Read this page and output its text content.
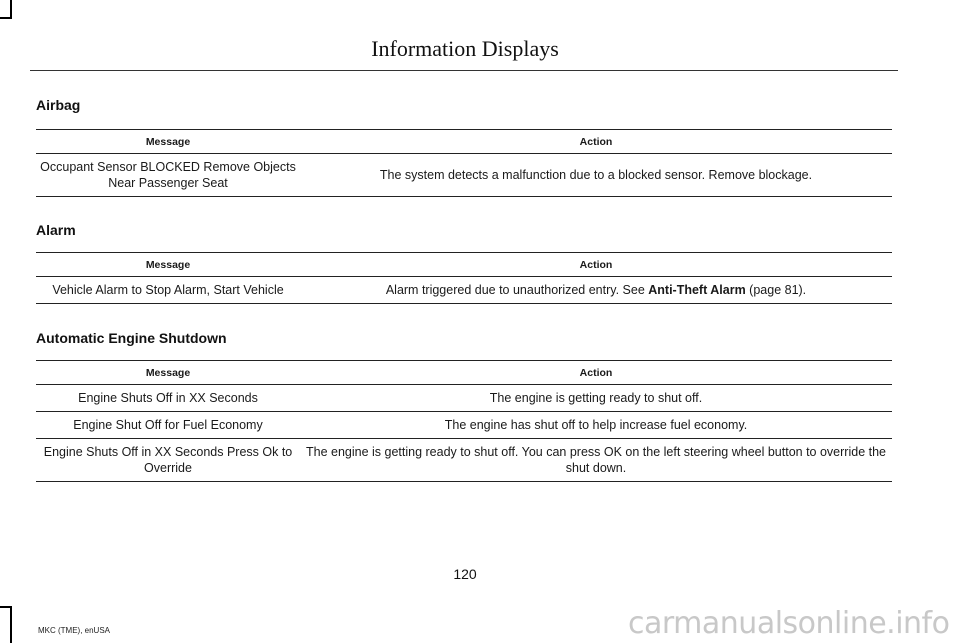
Information Displays
Airbag
Message	Action
Occupant Sensor BLOCKED Remove Objects Near Passenger Seat	The system detects a malfunction due to a blocked sensor. Remove blockage.
Alarm
Message	Action
Vehicle Alarm to Stop Alarm, Start Vehicle	Alarm triggered due to unauthorized entry. See Anti-Theft Alarm (page 81).
Automatic Engine Shutdown
Message	Action
Engine Shuts Off in XX Seconds	The engine is getting ready to shut off.
Engine Shut Off for Fuel Economy	The engine has shut off to help increase fuel economy.
Engine Shuts Off in XX Seconds Press Ok to Override	The engine is getting ready to shut off. You can press OK on the left steering wheel button to override the shut down.
120
MKC (TME), enUSA	carmanualsonline.info
